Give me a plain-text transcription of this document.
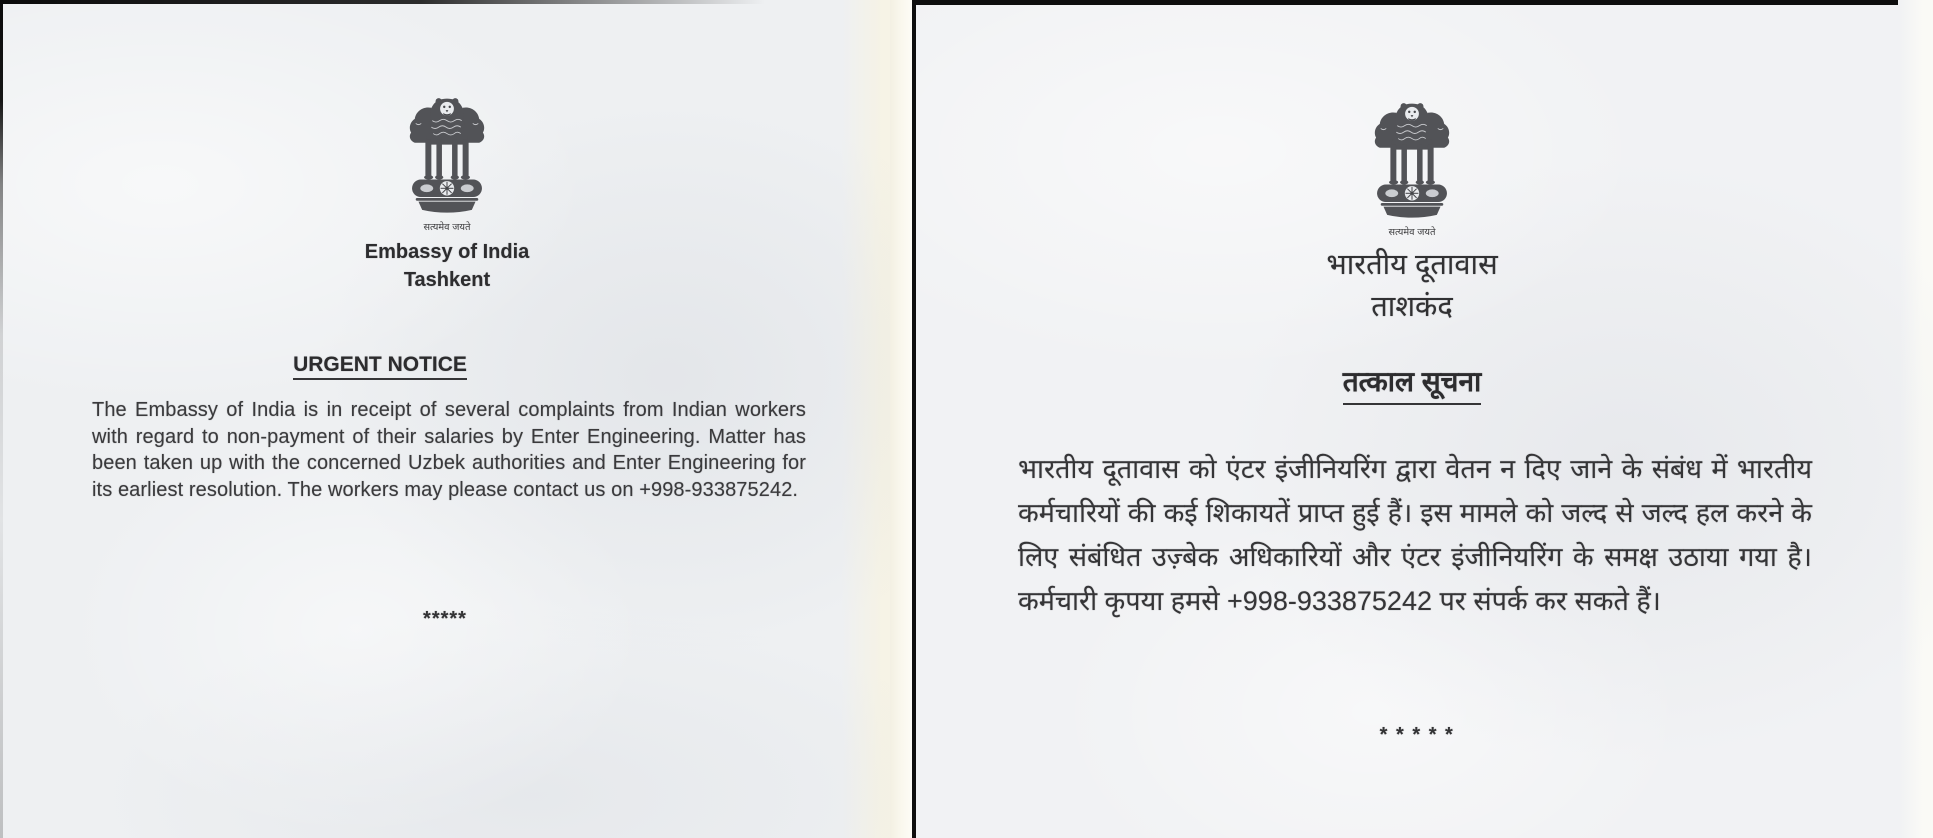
सत्यमेव जयते
Embassy of India
Tashkent
URGENT NOTICE
The Embassy of India is in receipt of several complaints from Indian workers with regard to non-payment of their salaries by Enter Engineering. Matter has been taken up with the concerned Uzbek authorities and Enter Engineering for its earliest resolution. The workers may please contact us on +998-933875242.
*****
सत्यमेव जयते
भारतीय दूतावास
ताशकंद
तत्काल सूचना
भारतीय दूतावास को एंटर इंजीनियरिंग द्वारा वेतन न दिए जाने के संबंध में भारतीय कर्मचारियों की कई शिकायतें प्राप्त हुई हैं। इस मामले को जल्द से जल्द हल करने के लिए संबंधित उज़्बेक अधिकारियों और एंटर इंजीनियरिंग के समक्ष उठाया गया है। कर्मचारी कृपया हमसे +998-933875242 पर संपर्क कर सकते हैं।
* * * * *
